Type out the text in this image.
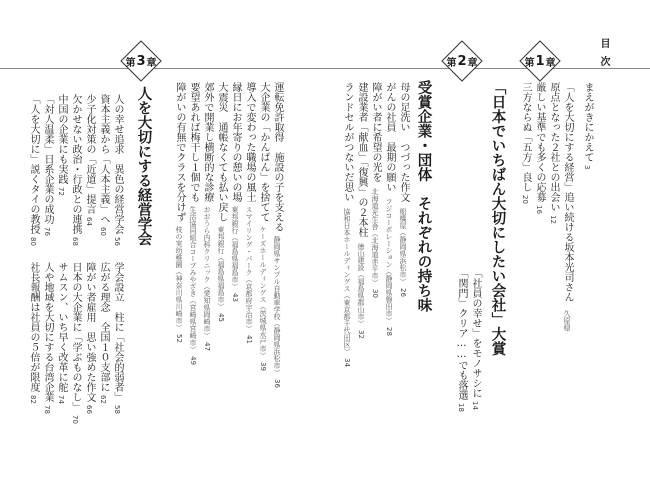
目次
まえがきにかえて3
第 1 章
「人を大切にする経営」追い続ける坂本光司さん久原穏
原点となった２社との出会い12
厳しい基準でも多くの応募16
三方ならぬ「五方」良し20
「日本でいちばん大切にしたい会社」大賞
「社員の幸せ」をモノサシに14
「関門」クリア……でも落選18
第 2 章
受賞企業・団体　それぞれの持ち味
母の足洗い　つづった作文船橋屋（静岡県浜松市）26
がんの社員　最期の願いフジコーポレーション（静岡県磐田市）28
障がい者に希望の光を北海道光生舎（北海道赤平市）30
建設業者「献血」「復興」の２本柱徳山建設（福島県郡山市）32
ランドセルがつないだ思い協和日本ホールディングス（東京都千代田区）34
運転免許取得　施設の子を支える静岡県サンプル自動車学校（静岡県浜松市）36
大企業の「かんばん」を捨ててケーズホールディングス（茨城県水戸市）39
導入で変わった職場の風土スマイリング・パーク（京都府宇治市）41
縁日にお年寄りの憩いの場東邦銀行（福島県福島市）43
大震災　通帳なくても払い戻し東邦銀行（福島県福島市）45
郊外で開業し横断的な診療おおうら内科クリニック（愛知県岡崎市）47
要望あれば梅干し１個でも生活協同組合コープみやざき（宮崎県宮崎市）49
障がいの有無でクラスを分けず枝の実幼稚園（神奈川県川崎市）52
第 3 章
人を大切にする経営学会
人の幸せ追求　異色の経営学会56
資本主義から「人本主義」へ60
少子化対策の「近道」提言64
欠かせない政治・行政との連携68
中国の企業にも実践72
「対人温柔」日系企業の成功76
「人を大切に」説くタイの教授80
学会設立　柱に「社会的弱者」58
広がる理念　全国１０支部に62
障がい者雇用　思い強めた作文66
日本の大企業に「学ぶものなし」70
サムスン、いち早く改革に舵74
人や地域を大切にする台湾企業78
社長報酬は社員の５倍が限度82
